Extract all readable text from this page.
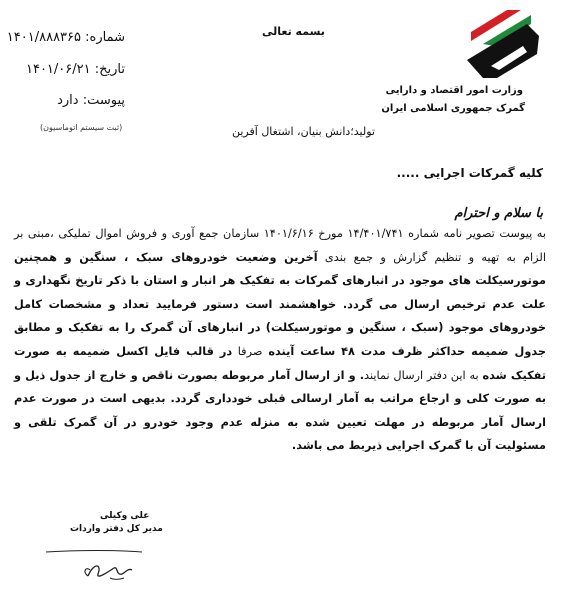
شماره: ۱۴۰۱/۸۸۸۳۶۵
تاریخ: ۱۴۰۱/۰۶/۲۱
پیوست: دارد
(ثبت سیستم اتوماسیون)
بسمه تعالی
وزارت امور اقتصاد و دارایی
گمرک جمهوری اسلامی ایران
تولید؛دانش بنیان، اشتغال آفرین
کلیه گمرکات اجرایی .....
با سلام و احترام
به پیوست تصویر نامه شماره ۱۴/۴۰۱/۷۴۱ مورخ ۱۴۰۱/۶/۱۶ سازمان جمع آوری و فروش اموال تملیکی ،مبنی بر الزام به تهیه و تنظیم گزارش و جمع بندی آخرین وضعیت خودروهای سبک ، سنگین و همچنین موتورسیکلت های موجود در انبارهای گمرکات به تفکیک هر انبار و استان با ذکر تاریخ نگهداری و علت عدم ترخیص ارسال می گردد. خواهشمند است دستور فرمایید تعداد و مشخصات کامل خودروهای موجود (سبک ، سنگین و موتورسیکلت) در انبارهای آن گمرک را به تفکیک و مطابق جدول ضمیمه حداکثر ظرف مدت ۴۸ ساعت آینده صرفا در قالب فایل اکسل ضمیمه به صورت تفکیک شده به این دفتر ارسال نمایند. و از ارسال آمار مربوطه بصورت ناقص و خارج از جدول ذیل و به صورت کلی و ارجاع مراتب به آمار ارسالی قبلی خودداری گردد. بدیهی است در صورت عدم ارسال آمار مربوطه در مهلت تعیین شده به منزله عدم وجود خودرو در آن گمرک تلقی و مسئولیت آن با گمرک اجرایی ذیربط می باشد.
علی وکیلی
مدیر کل دفتر واردات
